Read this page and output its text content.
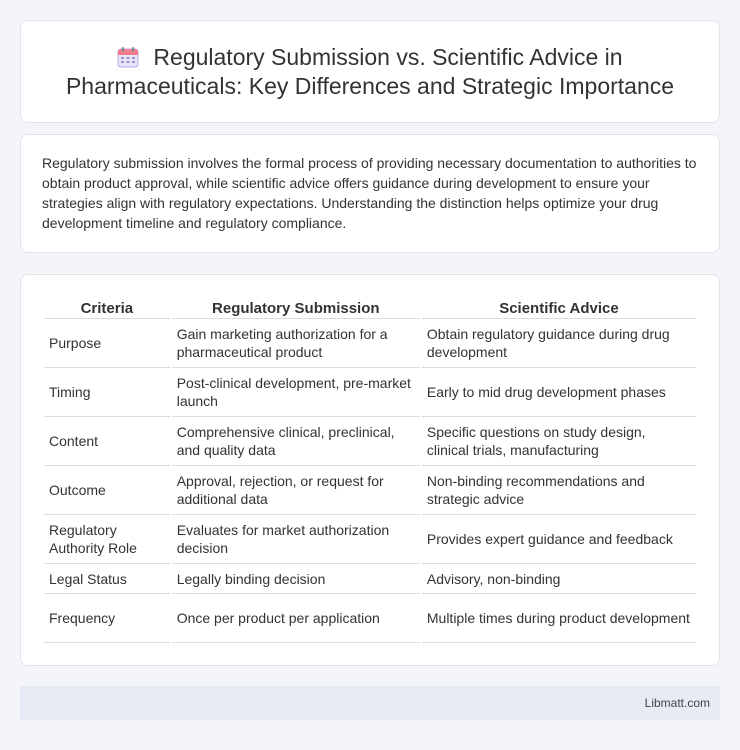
Regulatory Submission vs. Scientific Advice in Pharmaceuticals: Key Differences and Strategic Importance

Regulatory submission involves the formal process of providing necessary documentation to authorities to obtain product approval, while scientific advice offers guidance during development to ensure your strategies align with regulatory expectations. Understanding the distinction helps optimize your drug development timeline and regulatory compliance.

Criteria	Regulatory Submission	Scientific Advice
Purpose	Gain marketing authorization for a pharmaceutical product	Obtain regulatory guidance during drug development
Timing	Post-clinical development, pre-market launch	Early to mid drug development phases
Content	Comprehensive clinical, preclinical, and quality data	Specific questions on study design, clinical trials, manufacturing
Outcome	Approval, rejection, or request for additional data	Non-binding recommendations and strategic advice
Regulatory Authority Role	Evaluates for market authorization decision	Provides expert guidance and feedback
Legal Status	Legally binding decision	Advisory, non-binding
Frequency	Once per product per application	Multiple times during product development
Libmatt.com
